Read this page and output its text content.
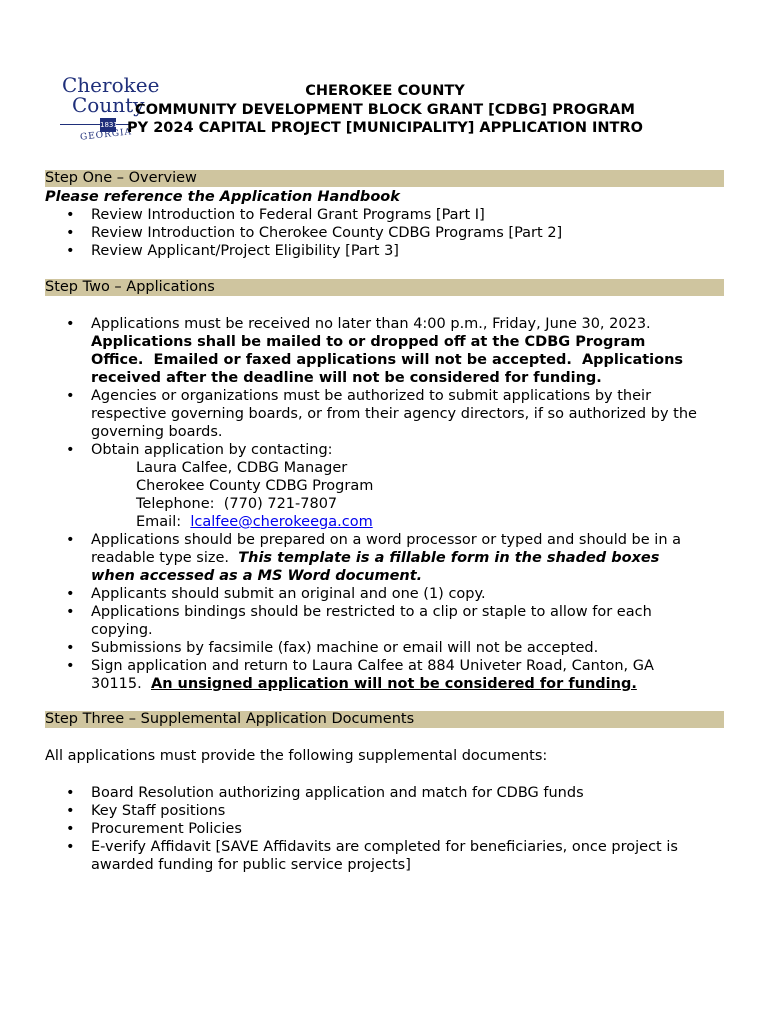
Cherokee
County
1831
GEORGIA
CHEROKEE COUNTY
COMMUNITY DEVELOPMENT BLOCK GRANT [CDBG] PROGRAM
PY 2024 CAPITAL PROJECT [MUNICIPALITY] APPLICATION INTRO
Step One – Overview
Please reference the Application Handbook
• Review Introduction to Federal Grant Programs [Part I]
• Review Introduction to Cherokee County CDBG Programs [Part 2]
• Review Applicant/Project Eligibility [Part 3]
Step Two – Applications
• Applications must be received no later than 4:00 p.m., Friday, June 30, 2023.
Applications shall be mailed to or dropped off at the CDBG Program
Office.  Emailed or faxed applications will not be accepted.  Applications
received after the deadline will not be considered for funding.
• Agencies or organizations must be authorized to submit applications by their
respective governing boards, or from their agency directors, if so authorized by the
governing boards.
• Obtain application by contacting:
Laura Calfee, CDBG Manager
Cherokee County CDBG Program
Telephone:  (770) 721-7807
Email:  lcalfee@cherokeega.com
• Applications should be prepared on a word processor or typed and should be in a
readable type size.  This template is a fillable form in the shaded boxes
when accessed as a MS Word document.
• Applicants should submit an original and one (1) copy.
• Applications bindings should be restricted to a clip or staple to allow for each
copying.
• Submissions by facsimile (fax) machine or email will not be accepted.
• Sign application and return to Laura Calfee at 884 Univeter Road, Canton, GA
30115.  An unsigned application will not be considered for funding.
Step Three – Supplemental Application Documents
All applications must provide the following supplemental documents:
• Board Resolution authorizing application and match for CDBG funds
• Key Staff positions
• Procurement Policies
• E-verify Affidavit [SAVE Affidavits are completed for beneficiaries, once project is
awarded funding for public service projects]
